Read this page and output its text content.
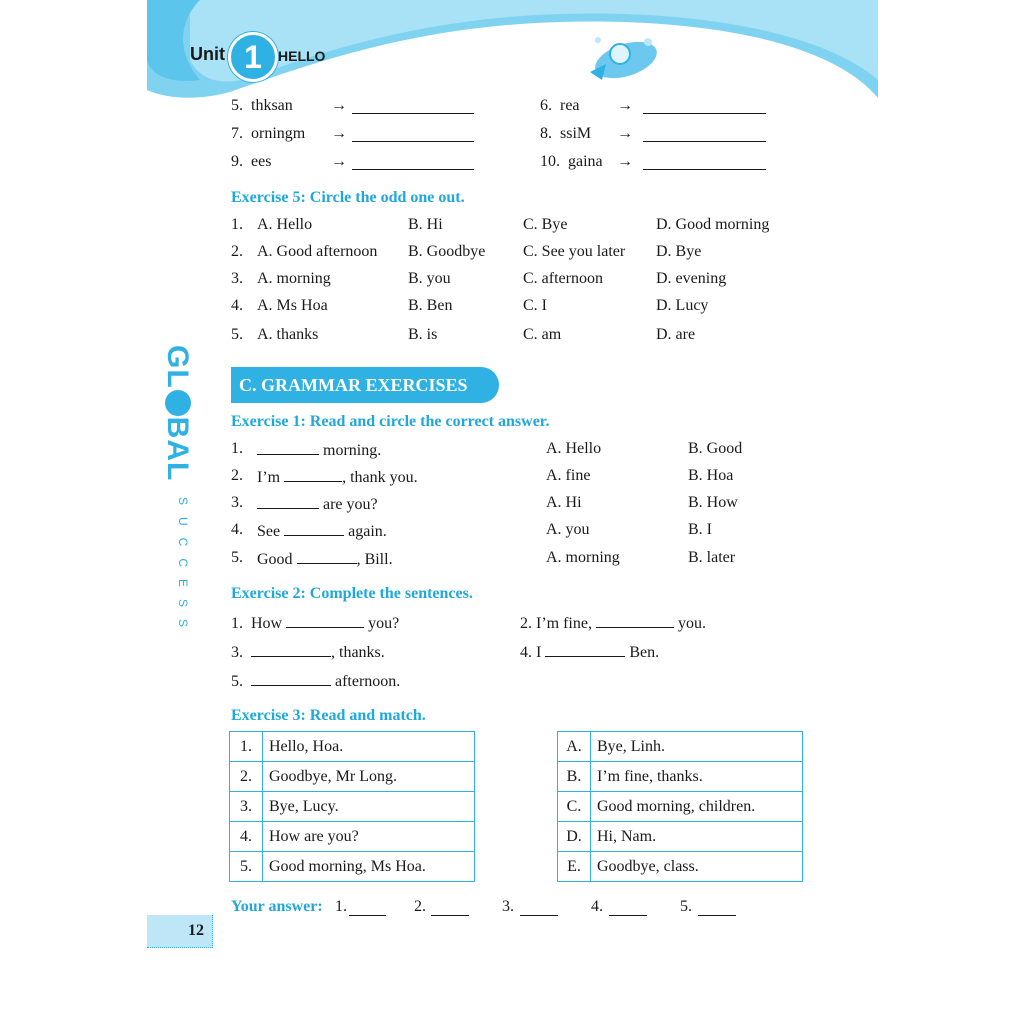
Unit 1	HELLO
5. thksan →	6. rea →
7. orningm →	8. ssiM →
9. ees	→	10. gaina →
Exercise 5: Circle the odd one out.
1. A. Hello	B. Hi	C. Bye	D. Good morning
2. A. Good afternoon B. Goodbye C. See you later D. Bye
3. A. morning	B. you	C. afternoon	D. evening
4. A. Ms Hoa	B. Ben	C. I	D. Lucy
5. A. thanks	B. is	C. am	D. are
C. GRAMMAR EXERCISES
Exercise 1: Read and circle the correct answer.
1.	morning.	A. Hello	B. Good
2. I’m	, thank you.	A. fine	B. Hoa
3.	are you?	A. Hi	B. How
4. See	again.	A. you	B. I
5. Good	, Bill.	A. morning	B. later
Exercise 2: Complete the sentences.
1. How	you?	2. I’m fine,	you.
3.	, thanks.	4. I	Ben.
5.	afternoon.
Exercise 3: Read and match.
1.	Hello, Hoa.
2.	Goodbye, Mr Long.
3.	Bye, Lucy.
4.	How are you?
5.	Good morning, Ms Hoa.
A.	Bye, Linh.
B.	I’m fine, thanks.
C.	Good morning, children.
D.	Hi, Nam.
E.	Goodbye, class.
Your answer: 1.	2.	3.	4.	5.
GLBAL
SUCCESS
12
